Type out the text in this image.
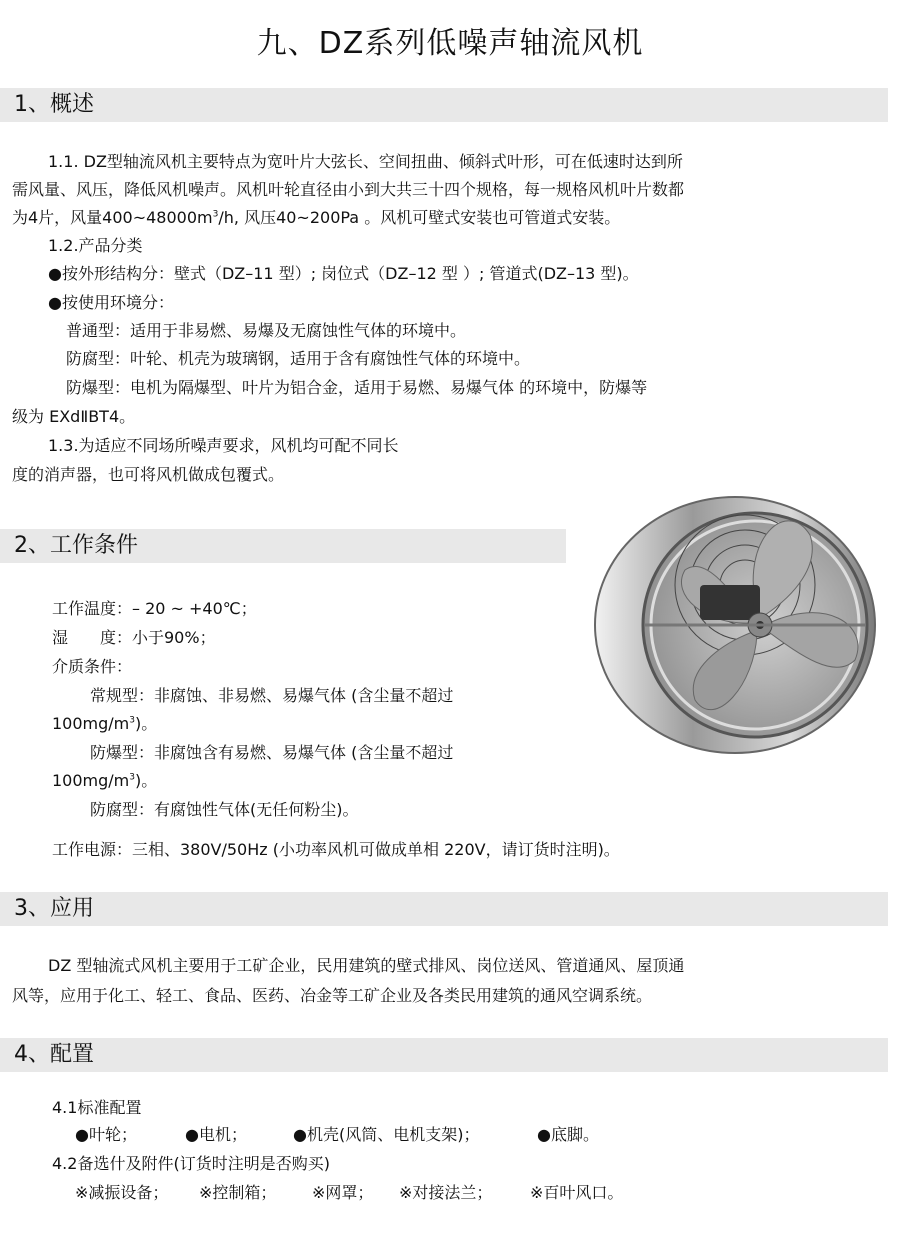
九、DZ系列低噪声轴流风机
1、概述
1.1. DZ型轴流风机主要特点为宽叶片大弦长、空间扭曲、倾斜式叶形，可在低速时达到所
需风量、风压，降低风机噪声。风机叶轮直径由小到大共三十四个规格，每一规格风机叶片数都
为4片，风量$400\sim 48000m^3/h$, 风压40~200Pa 。风机可壁式安装也可管道式安装。
1.2.产品分类
●按外形结构分：壁式（DZ–11 型）; 岗位式（DZ–12 型 ）; 管道式(DZ–13 型)。
●按使用环境分：
普通型：适用于非易燃、易爆及无腐蚀性气体的环境中。
防腐型：叶轮、机壳为玻璃钢，适用于含有腐蚀性气体的环境中。
防爆型：电机为隔爆型、叶片为铝合金，适用于易燃、易爆气体 的环境中，防爆等
级为 EXdⅡBT4。
1.3.为适应不同场所噪声要求，风机均可配不同长
度的消声器，也可将风机做成包覆式。
2、工作条件
工作温度：– 20 ~ +40℃；
湿　　度：小于90%；
介质条件：
常规型：非腐蚀、非易燃、易爆气体 (含尘量不超过
$100mg/m^3$)。
防爆型：非腐蚀含有易燃、易爆气体 (含尘量不超过
$100mg/m^3$)。
防腐型：有腐蚀性气体(无任何粉尘)。
工作电源：三相、380V/50Hz (小功率风机可做成单相 220V，请订货时注明)。
3、应用
DZ 型轴流式风机主要用于工矿企业，民用建筑的壁式排风、岗位送风、管道通风、屋顶通
风等，应用于化工、轻工、食品、医药、冶金等工矿企业及各类民用建筑的通风空调系统。
4、配置
4.1标准配置
●叶轮；	●电机；	●机壳(风筒、电机支架)；	●底脚。
4.2备选什及附件(订货时注明是否购买)
※减振设备； ※控制箱； ※网罩； ※对接法兰； ※百叶风口。
